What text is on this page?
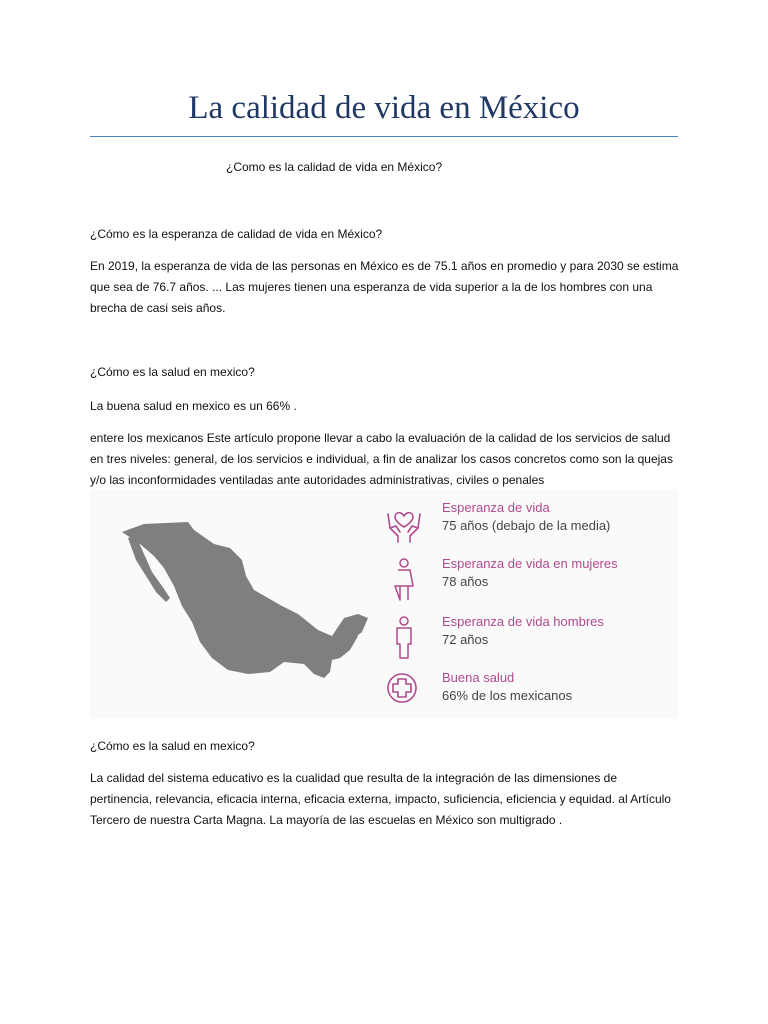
La calidad de vida en México

¿Como es la calidad de vida en México?

¿Cómo es la esperanza de calidad de vida en México?

En 2019, la esperanza de vida de las personas en México es de 75.1 años en promedio y para 2030 se estima que sea de 76.7 años. ... Las mujeres tienen una esperanza de vida superior a la de los hombres con una brecha de casi seis años.

¿Cómo es la salud en mexico?

La buena salud en mexico es un 66% .

entere los mexicanos Este artículo propone llevar a cabo la evaluación de la calidad de los servicios de salud en tres niveles: general, de los servicios e individual, a fin de analizar los casos concretos como son la quejas y/o las inconformidades ventiladas ante autoridades administrativas, civiles o penales

Esperanza de vida
75 años (debajo de la media)
Esperanza de vida en mujeres
78 años
Esperanza de vida hombres
72 años
Buena salud
66% de los mexicanos

¿Cómo es la salud en mexico?

La calidad del sistema educativo es la cualidad que resulta de la integración de las dimensiones de pertinencia, relevancia, eficacia interna, eficacia externa, impacto, suficiencia, eficiencia y equidad. al Artículo Tercero de nuestra Carta Magna. La mayoría de las escuelas en México son multigrado .
